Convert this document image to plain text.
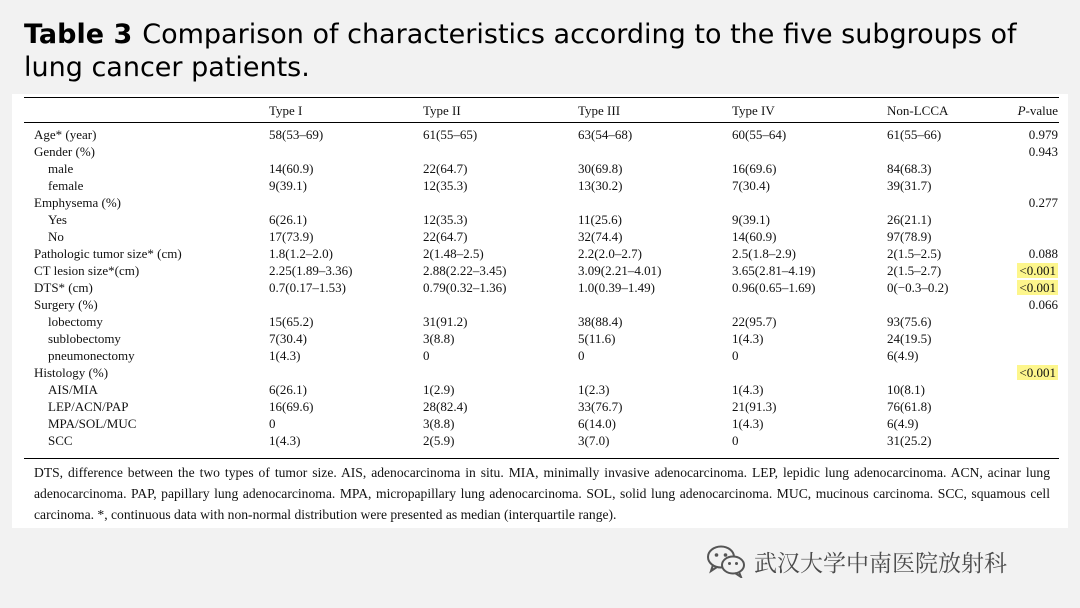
Table 3 Comparison of characteristics according to the five subgroups of lung cancer patients.
	Type I	Type II	Type III	Type IV	Non-LCCA	P-value

Age* (year)	58(53–69)	61(55–65)	63(54–68)	60(55–64)	61(55–66)	0.979
Gender (%)						0.943
male	14(60.9)	22(64.7)	30(69.8)	16(69.6)	84(68.3)	
female	9(39.1)	12(35.3)	13(30.2)	7(30.4)	39(31.7)	
Emphysema (%)						0.277
Yes	6(26.1)	12(35.3)	11(25.6)	9(39.1)	26(21.1)	
No	17(73.9)	22(64.7)	32(74.4)	14(60.9)	97(78.9)	
Pathologic tumor size* (cm)	1.8(1.2–2.0)	2(1.48–2.5)	2.2(2.0–2.7)	2.5(1.8–2.9)	2(1.5–2.5)	0.088
CT lesion size*(cm)	2.25(1.89–3.36)	2.88(2.22–3.45)	3.09(2.21–4.01)	3.65(2.81–4.19)	2(1.5–2.7)	<0.001
DTS* (cm)	0.7(0.17–1.53)	0.79(0.32–1.36)	1.0(0.39–1.49)	0.96(0.65–1.69)	0(−0.3–0.2)	<0.001
Surgery (%)						0.066
lobectomy	15(65.2)	31(91.2)	38(88.4)	22(95.7)	93(75.6)	
sublobectomy	7(30.4)	3(8.8)	5(11.6)	1(4.3)	24(19.5)	
pneumonectomy	1(4.3)	0	0	0	6(4.9)	
Histology (%)						<0.001
AIS/MIA	6(26.1)	1(2.9)	1(2.3)	1(4.3)	10(8.1)	
LEP/ACN/PAP	16(69.6)	28(82.4)	33(76.7)	21(91.3)	76(61.8)	
MPA/SOL/MUC	0	3(8.8)	6(14.0)	1(4.3)	6(4.9)	
SCC	1(4.3)	2(5.9)	3(7.0)	0	31(25.2)	
DTS, difference between the two types of tumor size. AIS, adenocarcinoma in situ. MIA, minimally invasive adenocarcinoma. LEP, lepidic lung adenocarcinoma. ACN, acinar lung adenocarcinoma. PAP, papillary lung adenocarcinoma. MPA, micropapillary lung adenocarcinoma. SOL, solid lung adenocarcinoma. MUC, mucinous carcinoma. SCC, squamous cell carcinoma. *, continuous data with non-normal distribution were presented as median (interquartile range).
武汉大学中南医院放射科
